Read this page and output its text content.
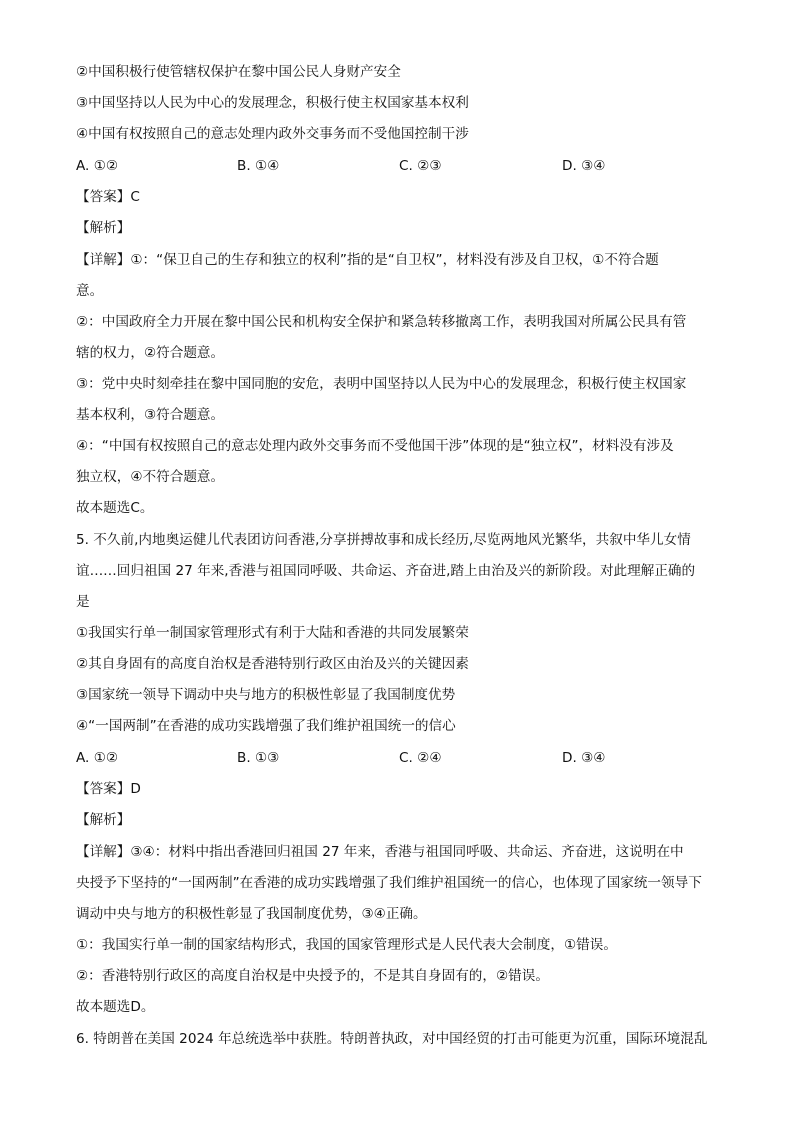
②中国积极行使管辖权保护在黎中国公民人身财产安全
③中国坚持以人民为中心的发展理念，积极行使主权国家基本权利
④中国有权按照自己的意志处理内政外交事务而不受他国控制干涉
A. ①②	B. ①④	C. ②③	D. ③④
【答案】C
【解析】
【详解】①：“保卫自己的生存和独立的权利”指的是“自卫权”，材料没有涉及自卫权，①不符合题
意。
②：中国政府全力开展在黎中国公民和机构安全保护和紧急转移撤离工作，表明我国对所属公民具有管
辖的权力，②符合题意。
③：党中央时刻牵挂在黎中国同胞的安危，表明中国坚持以人民为中心的发展理念，积极行使主权国家
基本权利，③符合题意。
④：“中国有权按照自己的意志处理内政外交事务而不受他国干涉”体现的是“独立权”，材料没有涉及
独立权，④不符合题意。
故本题选C。
5. 不久前,内地奥运健儿代表团访问香港,分享拼搏故事和成长经历,尽览两地风光繁华，共叙中华儿女情
谊……回归祖国 27 年来,香港与祖国同呼吸、共命运、齐奋进,踏上由治及兴的新阶段。对此理解正确的
是
①我国实行单一制国家管理形式有利于大陆和香港的共同发展繁荣
②其自身固有的高度自治权是香港特别行政区由治及兴的关键因素
③国家统一领导下调动中央与地方的积极性彰显了我国制度优势
④“一国两制”在香港的成功实践增强了我们维护祖国统一的信心
A. ①②	B. ①③	C. ②④	D. ③④
【答案】D
【解析】
【详解】③④：材料中指出香港回归祖国 27 年来，香港与祖国同呼吸、共命运、齐奋进，这说明在中
央授予下坚持的“一国两制”在香港的成功实践增强了我们维护祖国统一的信心，也体现了国家统一领导下
调动中央与地方的积极性彰显了我国制度优势，③④正确。
①：我国实行单一制的国家结构形式，我国的国家管理形式是人民代表大会制度，①错误。
②：香港特别行政区的高度自治权是中央授予的，不是其自身固有的，②错误。
故本题选D。
6. 特朗普在美国 2024 年总统选举中获胜。特朗普执政，对中国经贸的打击可能更为沉重，国际环境混乱
